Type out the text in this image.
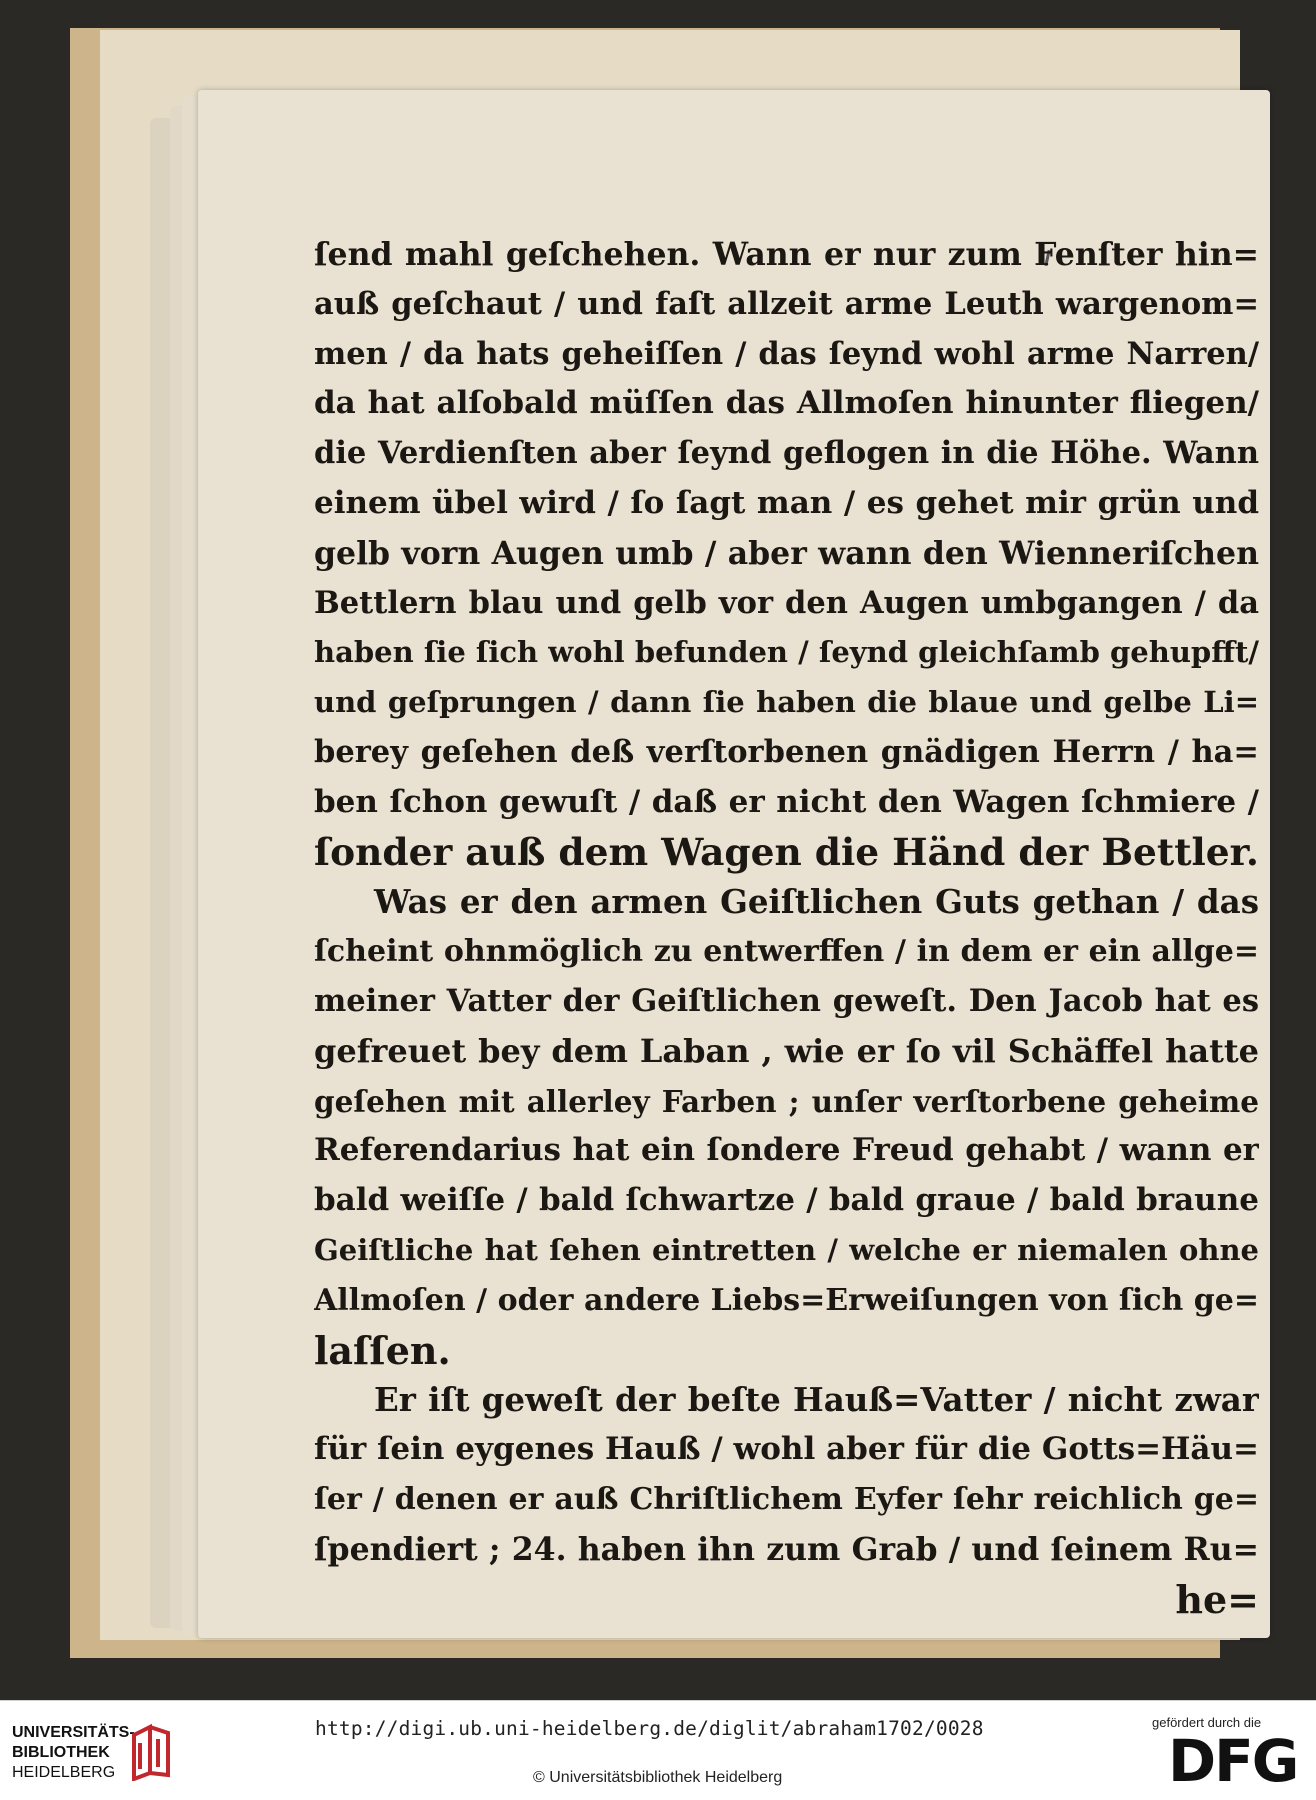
ſend mahl geſchehen. Wann er nur zum Fenſter hin=
auß geſchaut / und faſt allzeit arme Leuth wargenom=
men / da hats geheiſſen / das ſeynd wohl arme Narren/
da hat alſobald müſſen das Allmoſen hinunter fliegen/
die Verdienſten aber ſeynd geflogen in die Höhe. Wann
einem übel wird / ſo ſagt man / es gehet mir grün und
gelb vorn Augen umb / aber wann den Wienneriſchen
Bettlern blau und gelb vor den Augen umbgangen / da
haben ſie ſich wohl befunden / ſeynd gleichſamb gehupfft/
und geſprungen / dann ſie haben die blaue und gelbe Li=
berey geſehen deß verſtorbenen gnädigen Herrn / ha=
ben ſchon gewuſt / daß er nicht den Wagen ſchmiere /
ſonder auß dem Wagen die Händ der Bettler.
Was er den armen Geiſtlichen Guts gethan / das
ſcheint ohnmöglich zu entwerffen / in dem er ein allge=
meiner Vatter der Geiſtlichen geweſt. Den Jacob hat es
gefreuet bey dem Laban , wie er ſo vil Schäffel hatte
geſehen mit allerley Farben ; unſer verſtorbene geheime
Referendarius hat ein ſondere Freud gehabt / wann er
bald weiſſe / bald ſchwartze / bald graue / bald braune
Geiſtliche hat ſehen eintretten / welche er niemalen ohne
Allmoſen / oder andere Liebs=Erweiſungen von ſich ge=
laſſen.
Er iſt geweſt der beſte Hauß=Vatter / nicht zwar
für ſein eygenes Hauß / wohl aber für die Gotts=Häu=
ſer / denen er auß Chriſtlichem Eyfer ſehr reichlich ge=
ſpendiert ; 24. haben ihn zum Grab / und ſeinem Ru=
he=
UNIVERSITÄTS-
BIBLIOTHEK
HEIDELBERG
http://digi.ub.uni-heidelberg.de/diglit/abraham1702/0028
© Universitätsbibliothek Heidelberg
gefördert durch die
DFG
